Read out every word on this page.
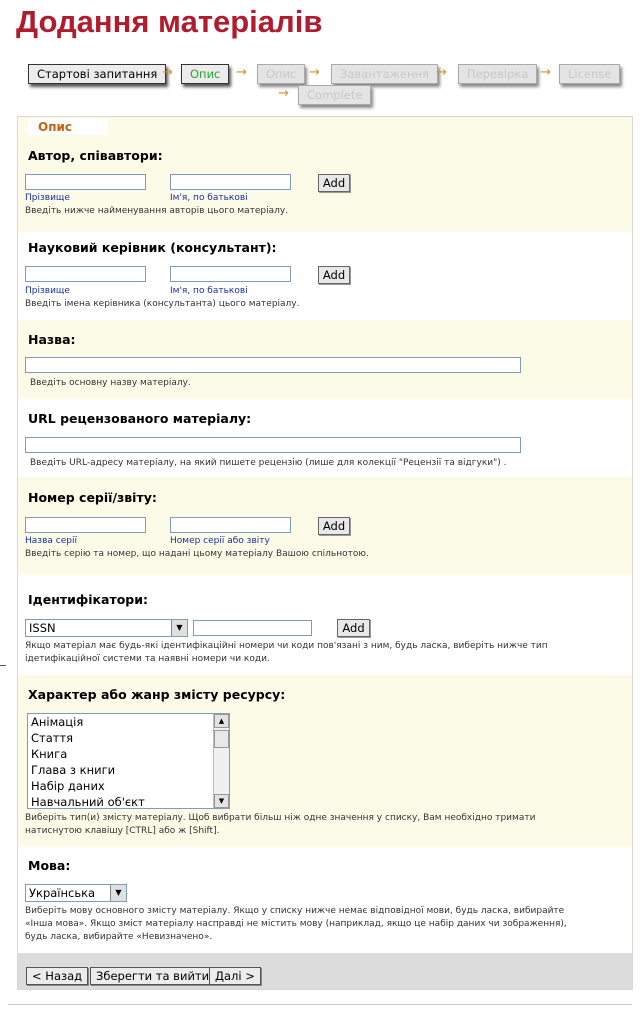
Додання матеріалів
Стартові запитання →	Опис	→	Опис →	Завантаження →	Перевірка →	License
→	Complete
Опис
Автор, співавтори:
Add
Прізвище	Ім'я, по батькові
Введіть нижче найменування авторів цього матеріалу.
Науковий керівник (консультант):
Add
Прізвище	Ім'я, по батькові
Введіть імена керівника (консультанта) цього матеріалу.
Назва:
Введіть основну назву матеріалу.
URL рецензованого матеріалу:
Введіть URL-адресу матеріалу, на який пишете рецензію (лише для колекції "Рецензії та відгуки") .
Номер серії/звіту:
Add
Назва серії	Номер серії або звіту
Введіть серію та номер, що надані цьому матеріалу Вашою спільнотою.
Ідентифікатори:
ISSN	▼	Add
Якщо матеріал має будь-які ідентифікаційні номери чи коди пов'язані з ним, будь ласка, виберіть нижче тип ідетифікаційної системи та наявні номери чи коди.
Характер або жанр змісту ресурсу:
Анімація
Стаття
Книга
Глава з книги
Набір даних
Навчальний об'єкт
▲
▼
Виберіть тип(и) змісту матеріалу. Щоб вибрати більш ніж одне значення у списку, Вам необхідно тримати натиснутою клавішу [CTRL] або ж [Shift].
Мова:
Українська	▼
Виберіть мову основного змісту матеріалу. Якщо у списку нижче немає відповідної мови, будь ласка, вибирайте «Інша мова». Якщо зміст матеріалу насправді не містить мову (наприклад, якщо це набір даних чи зображення), будь ласка, вибирайте «Невизначено».
< Назад	Зберегти та вийти Далі >
